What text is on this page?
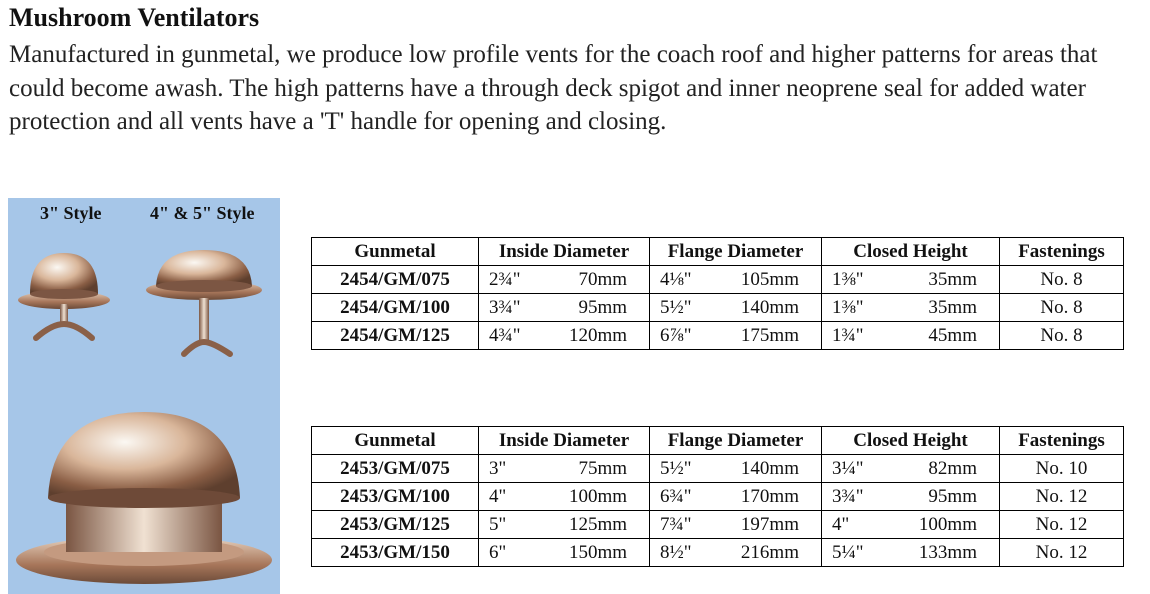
Mushroom Ventilators

Manufactured in gunmetal, we produce low profile vents for the coach roof and higher patterns for areas that could become awash. The high patterns have a through deck spigot and inner neoprene seal for added water protection and all vents have a 'T' handle for opening and closing.

3" Style	4" & 5" Style
Gunmetal	Inside Diameter	Flange Diameter	Closed Height	Fastenings
2454/GM/075	2¾" 70mm	4⅛" 105mm	1⅜" 35mm	No. 8
2454/GM/100	3¾" 95mm	5½" 140mm	1⅜" 35mm	No. 8
2454/GM/125	4¾" 120mm	6⅞" 175mm	1¾" 45mm	No. 8
Gunmetal	Inside Diameter	Flange Diameter	Closed Height	Fastenings
2453/GM/075	3" 75mm	5½" 140mm	3¼" 82mm	No. 10
2453/GM/100	4" 100mm	6¾" 170mm	3¾" 95mm	No. 12
2453/GM/125	5" 125mm	7¾" 197mm	4" 100mm	No. 12
2453/GM/150	6" 150mm	8½" 216mm	5¼" 133mm	No. 12
